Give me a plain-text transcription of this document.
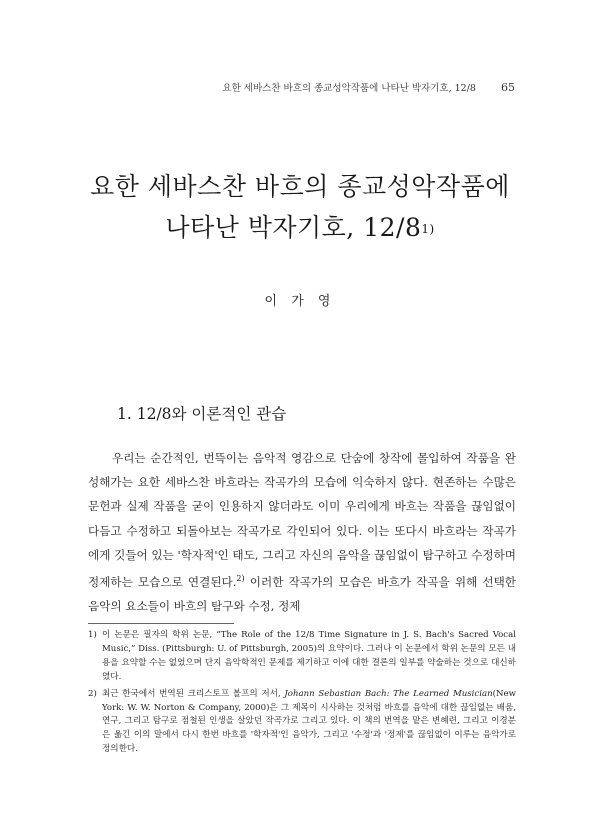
요한 세바스찬 바흐의 종교성악작품에 나타난 박자기호, 12/8 65
요한 세바스찬 바흐의 종교성악작품에
나타난 박자기호, 12/8$^{1)}$
이 가 영
1. 12/8와 이론적인 관습

우리는 순간적인, 번뜩이는 음악적 영감으로 단숨에 창작에 몰입하여 작품을 완성해가는 요한 세바스찬 바흐라는 작곡가의 모습에 익숙하지 않다. 현존하는 수많은 문헌과 실제 작품을 굳이 인용하지 않더라도 이미 우리에게 바흐는 작품을 끊임없이 다듬고 수정하고 되돌아보는 작곡가로 각인되어 있다. 이는 또다시 바흐라는 작곡가에게 깃들어 있는 '학자적'인 태도, 그리고 자신의 음악을 끊임없이 탐구하고 수정하며 정제하는 모습으로 연결된다.$^{2)}$ 이러한 작곡가의 모습은 바흐가 작곡을 위해 선택한 음악의 요소들이 바흐의 탐구와 수정, 정제

1) 이 논문은 필자의 학위 논문, “The Role of the 12/8 Time Signature in J. S. Bach's Sacred Vocal Music,” Diss. (Pittsburgh: U. of Pittsburgh, 2005)의 요약이다. 그러나 이 논문에서 학위 논문의 모든 내용을 요약할 수는 없었으며 단지 음악학적인 문제를 제기하고 이에 대한 결론의 일부를 약술하는 것으로 대신하였다.
2) 최근 한국에서 번역된 크리스토프 볼프의 저서, Johann Sebastian Bach: The Learned Musician(New York: W. W. Norton & Company, 2000)은 그 제목이 시사하는 것처럼 바흐를 음악에 대한 끊임없는 배움, 연구, 그리고 탐구로 점철된 인생을 살았던 작곡가로 그리고 있다. 이 책의 번역을 맡은 변혜련, 그리고 이경분은 옮긴 이의 말에서 다시 한번 바흐를 '학자적'인 음악가, 그리고 '수정'과 '정제'를 끊임없이 이루는 음악가로 정의한다.
